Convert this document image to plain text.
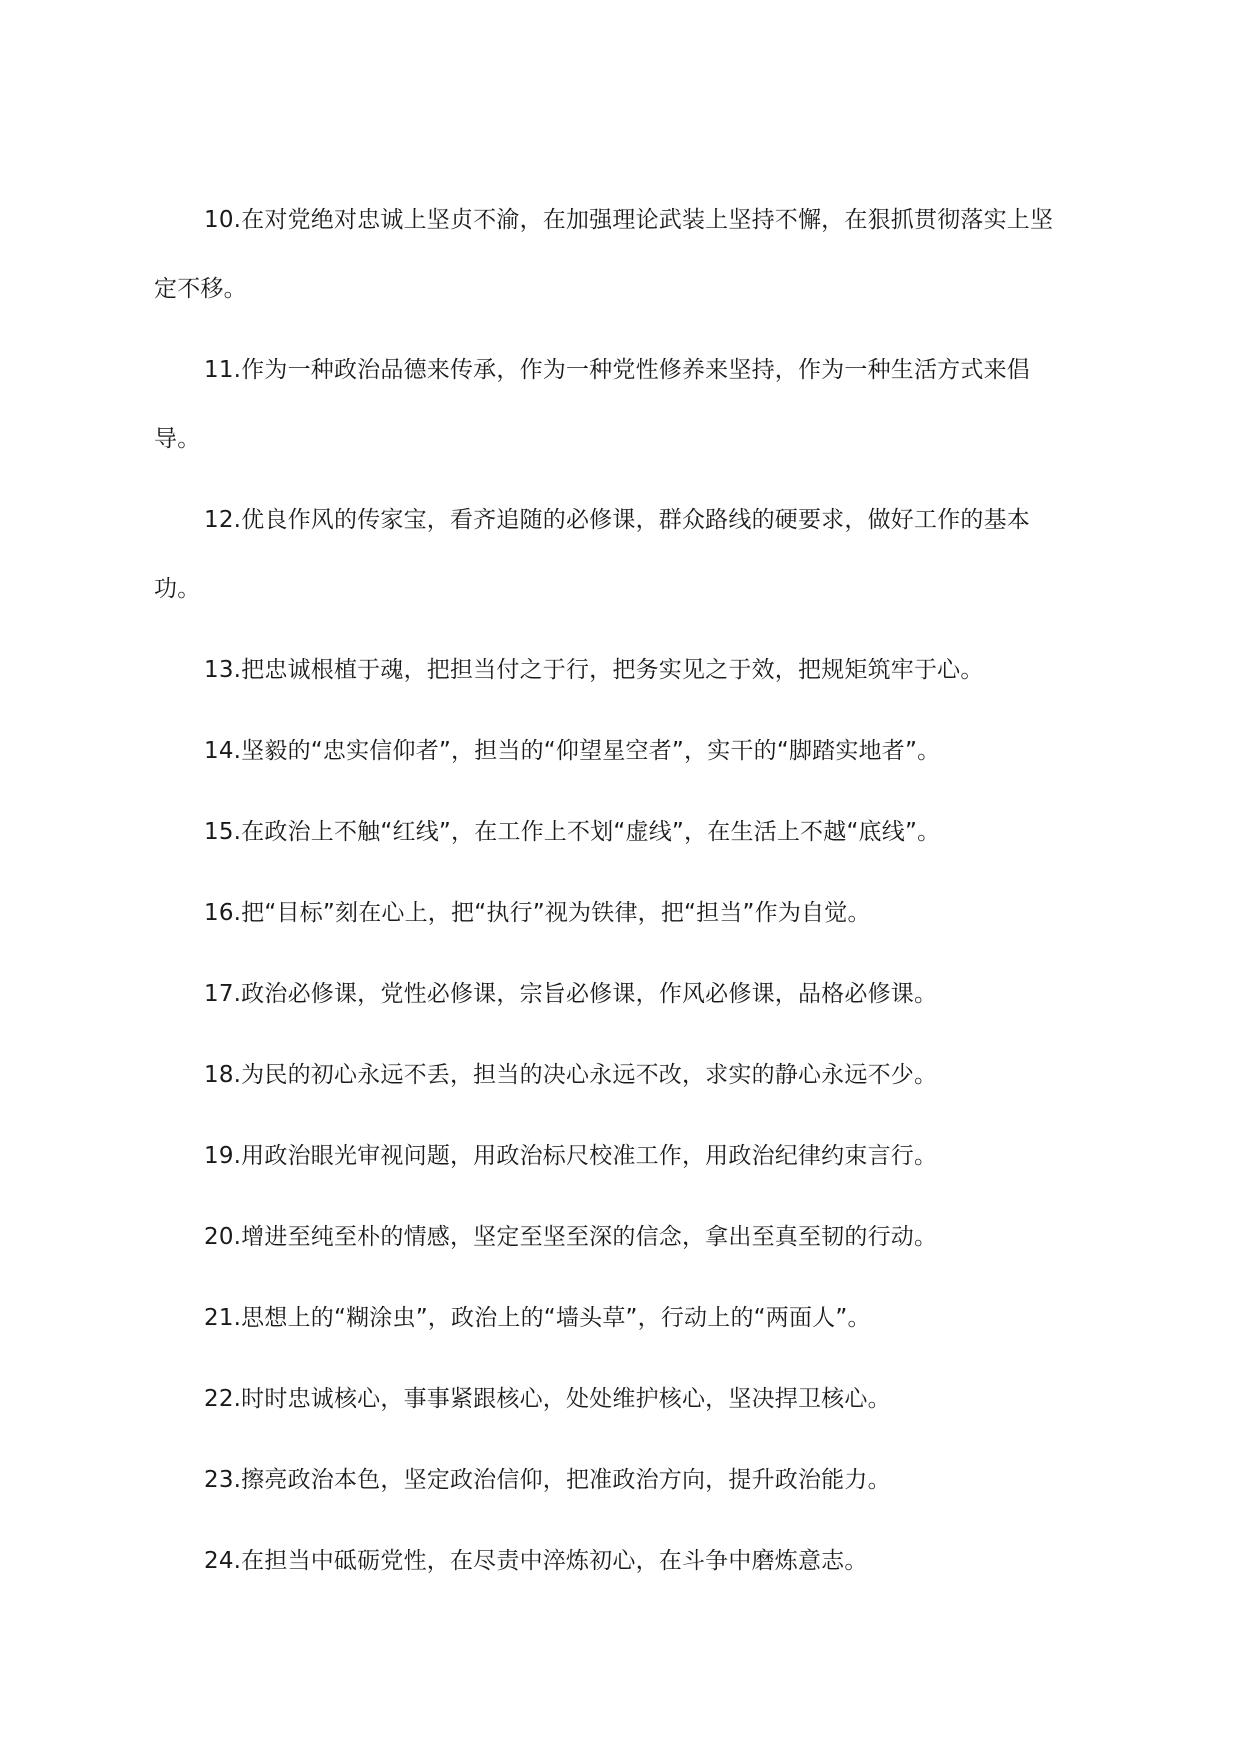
10.在对党绝对忠诚上坚贞不渝，在加强理论武装上坚持不懈，在狠抓贯彻落实上坚定不移。

11.作为一种政治品德来传承，作为一种党性修养来坚持，作为一种生活方式来倡导。

12.优良作风的传家宝，看齐追随的必修课，群众路线的硬要求，做好工作的基本功。

13.把忠诚根植于魂，把担当付之于行，把务实见之于效，把规矩筑牢于心。

14.坚毅的“忠实信仰者”，担当的“仰望星空者”，实干的“脚踏实地者”。

15.在政治上不触“红线”，在工作上不划“虚线”，在生活上不越“底线”。

16.把“目标”刻在心上，把“执行”视为铁律，把“担当”作为自觉。

17.政治必修课，党性必修课，宗旨必修课，作风必修课，品格必修课。

18.为民的初心永远不丢，担当的决心永远不改，求实的静心永远不少。

19.用政治眼光审视问题，用政治标尺校准工作，用政治纪律约束言行。

20.增进至纯至朴的情感，坚定至坚至深的信念，拿出至真至韧的行动。

21.思想上的“糊涂虫”，政治上的“墙头草”，行动上的“两面人”。

22.时时忠诚核心，事事紧跟核心，处处维护核心，坚决捍卫核心。

23.擦亮政治本色，坚定政治信仰，把准政治方向，提升政治能力。

24.在担当中砥砺党性，在尽责中淬炼初心，在斗争中磨炼意志。
